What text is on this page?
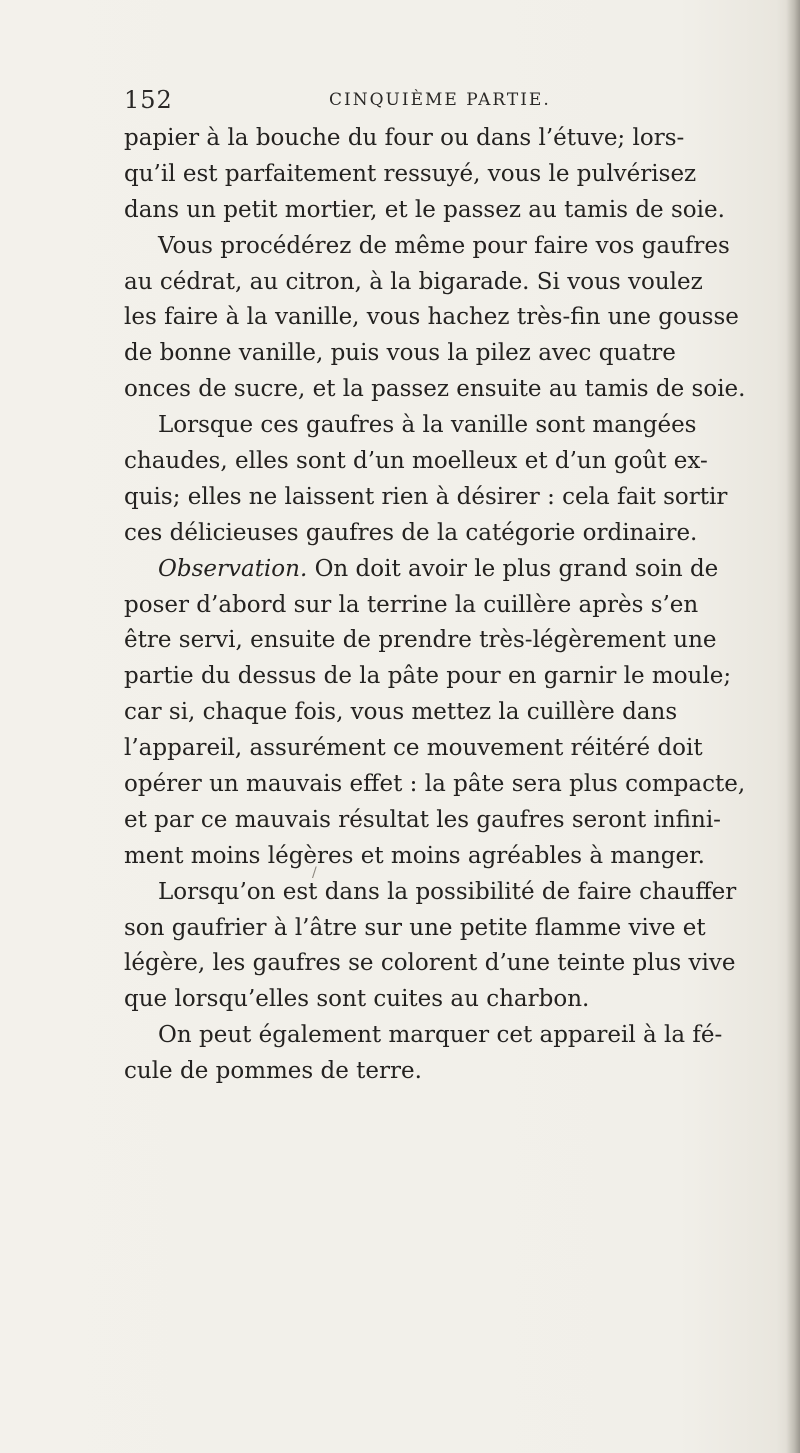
152	CINQUIÈME PARTIE.
papier à la bouche du four ou dans l’étuve; lors-
qu’il est parfaitement ressuyé, vous le pulvérisez
dans un petit mortier, et le passez au tamis de soie.
Vous procédérez de même pour faire vos gaufres
au cédrat, au citron, à la bigarade. Si vous voulez
les faire à la vanille, vous hachez très-fin une gousse
de bonne vanille, puis vous la pilez avec quatre
onces de sucre, et la passez ensuite au tamis de soie.
Lorsque ces gaufres à la vanille sont mangées
chaudes, elles sont d’un moelleux et d’un goût ex-
quis; elles ne laissent rien à désirer : cela fait sortir
ces délicieuses gaufres de la catégorie ordinaire.
Observation. On doit avoir le plus grand soin de
poser d’abord sur la terrine la cuillère après s’en
être servi, ensuite de prendre très-légèrement une
partie du dessus de la pâte pour en garnir le moule;
car si, chaque fois, vous mettez la cuillère dans
l’appareil, assurément ce mouvement réitéré doit
opérer un mauvais effet : la pâte sera plus compacte,
et par ce mauvais résultat les gaufres seront infini-
ment moins légères et moins agréables à manger.
Lorsqu’on est dans la possibilité de faire chauffer
son gaufrier à l’âtre sur une petite flamme vive et
légère, les gaufres se colorent d’une teinte plus vive
que lorsqu’elles sont cuites au charbon.
On peut également marquer cet appareil à la fé-
cule de pommes de terre.
/
